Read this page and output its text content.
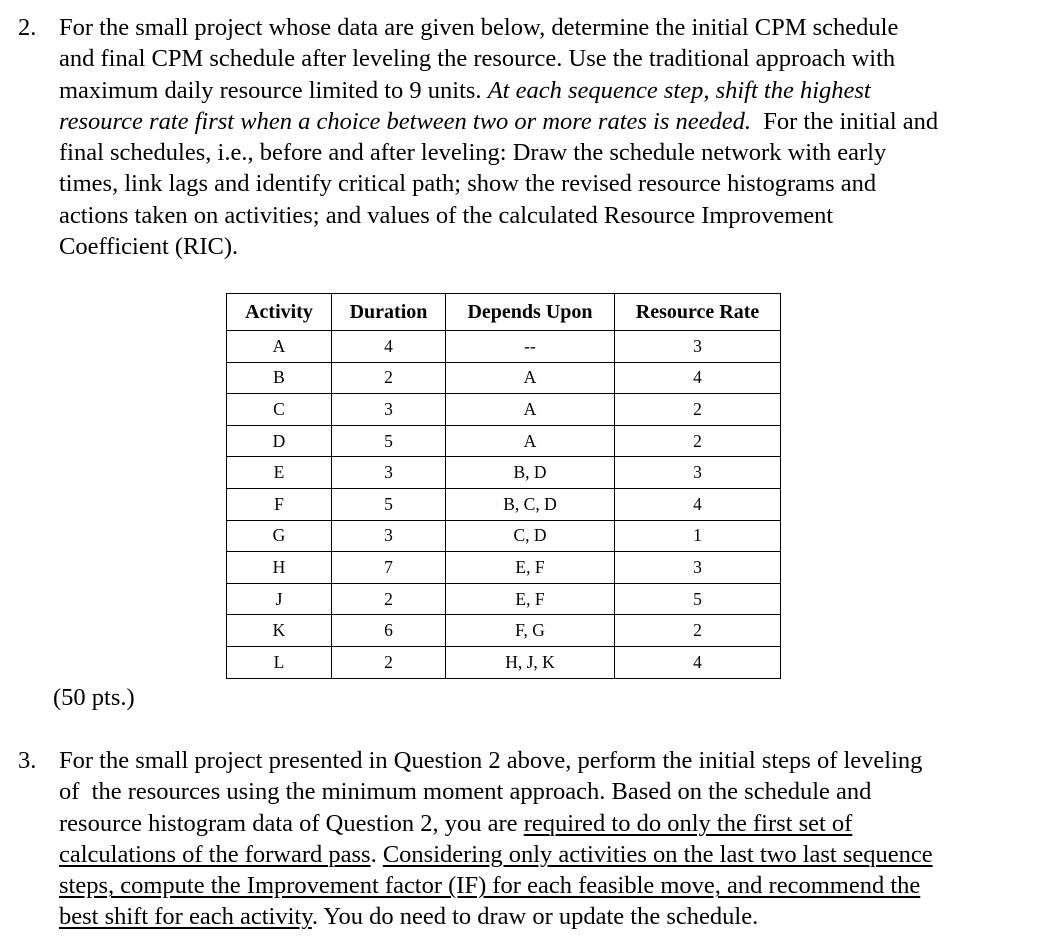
2. For the small project whose data are given below, determine the initial CPM schedule
and final CPM schedule after leveling the resource. Use the traditional approach with
maximum daily resource limited to 9 units. At each sequence step, shift the highest
resource rate first when a choice between two or more rates is needed.  For the initial and
final schedules, i.e., before and after leveling: Draw the schedule network with early
times, link lags and identify critical path; show the revised resource histograms and
actions taken on activities; and values of the calculated Resource Improvement
Coefficient (RIC).
Activity	Duration	Depends Upon	Resource Rate
A	4	--	3
B	2	A	4
C	3	A	2
D	5	A	2
E	3	B, D	3
F	5	B, C, D	4
G	3	C, D	1
H	7	E, F	3
J	2	E, F	5
K	6	F, G	2
L	2	H, J, K	4
(50 pts.)
3. For the small project presented in Question 2 above, perform the initial steps of leveling
of  the resources using the minimum moment approach. Based on the schedule and
resource histogram data of Question 2, you are required to do only the first set of
calculations of the forward pass. Considering only activities on the last two last sequence
steps, compute the Improvement factor (IF) for each feasible move, and recommend the
best shift for each activity. You do need to draw or update the schedule.
